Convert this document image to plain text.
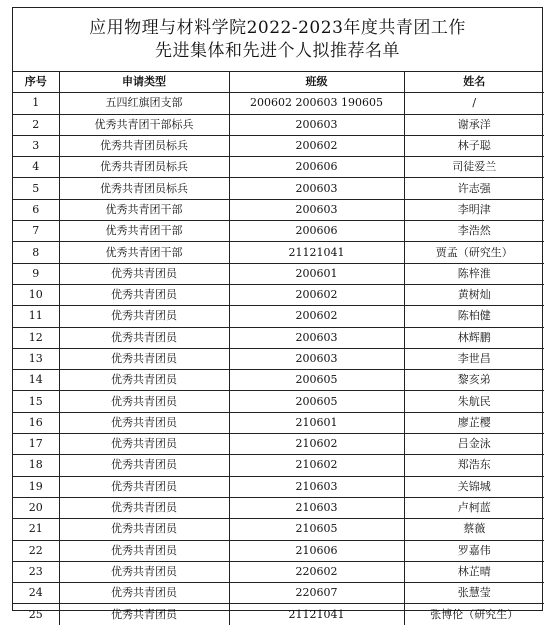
应用物理与材料学院2022-2023年度共青团工作
先进集体和先进个人拟推荐名单
序号	申请类型	班级	姓名
1	五四红旗团支部	200602 200603 190605	/
2	优秀共青团干部标兵	200603	谢承洋
3	优秀共青团员标兵	200602	林子聪
4	优秀共青团员标兵	200606	司徒爱兰
5	优秀共青团员标兵	200603	许志强
6	优秀共青团干部	200603	李明津
7	优秀共青团干部	200606	李浩然
8	优秀共青团干部	21121041	贾孟（研究生）
9	优秀共青团员	200601	陈梓淮
10	优秀共青团员	200602	黄树灿
11	优秀共青团员	200602	陈柏健
12	优秀共青团员	200603	林辉鹏
13	优秀共青团员	200603	李世昌
14	优秀共青团员	200605	黎亥弟
15	优秀共青团员	200605	朱航民
16	优秀共青团员	210601	廖芷樱
17	优秀共青团员	210602	吕金泳
18	优秀共青团员	210602	郑浩东
19	优秀共青团员	210603	关锦城
20	优秀共青团员	210603	卢柯蓝
21	优秀共青团员	210605	蔡薇
22	优秀共青团员	210606	罗嘉伟
23	优秀共青团员	220602	林芷晴
24	优秀共青团员	220607	张慧莹
25	优秀共青团员	21121041	张博伦（研究生）
